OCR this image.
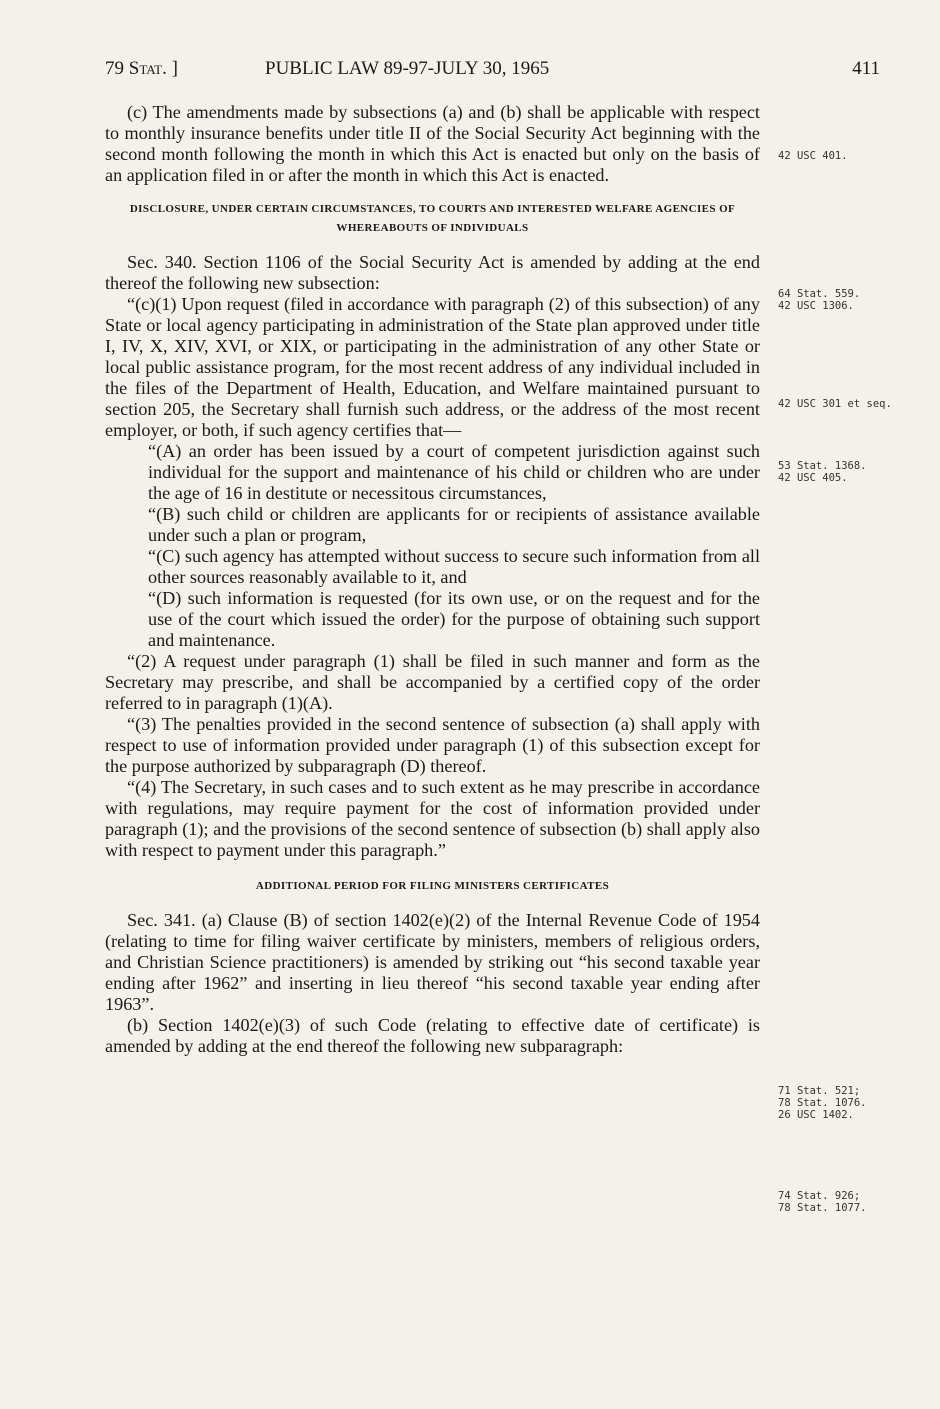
79 Stat. ]	PUBLIC LAW 89-97-JULY 30, 1965	411

(c) The amendments made by subsections (a) and (b) shall be applicable with respect to monthly insurance benefits under title II of the Social Security Act beginning with the second month following the month in which this Act is enacted but only on the basis of an application filed in or after the month in which this Act is enacted.

DISCLOSURE, UNDER CERTAIN CIRCUMSTANCES, TO COURTS AND INTERESTED WELFARE AGENCIES OF WHEREABOUTS OF INDIVIDUALS

Sec. 340. Section 1106 of the Social Security Act is amended by adding at the end thereof the following new subsection:

“(c)(1) Upon request (filed in accordance with paragraph (2) of this subsection) of any State or local agency participating in administration of the State plan approved under title I, IV, X, XIV, XVI, or XIX, or participating in the administration of any other State or local public assistance program, for the most recent address of any individual included in the files of the Department of Health, Education, and Welfare maintained pursuant to section 205, the Secretary shall furnish such address, or the address of the most recent employer, or both, if such agency certifies that—

“(A) an order has been issued by a court of competent jurisdiction against such individual for the support and maintenance of his child or children who are under the age of 16 in destitute or necessitous circumstances,

“(B) such child or children are applicants for or recipients of assistance available under such a plan or program,

“(C) such agency has attempted without success to secure such information from all other sources reasonably available to it, and

“(D) such information is requested (for its own use, or on the request and for the use of the court which issued the order) for the purpose of obtaining such support and maintenance.

“(2) A request under paragraph (1) shall be filed in such manner and form as the Secretary may prescribe, and shall be accompanied by a certified copy of the order referred to in paragraph (1)(A).

“(3) The penalties provided in the second sentence of subsection (a) shall apply with respect to use of information provided under paragraph (1) of this subsection except for the purpose authorized by subparagraph (D) thereof.

“(4) The Secretary, in such cases and to such extent as he may prescribe in accordance with regulations, may require payment for the cost of information provided under paragraph (1); and the provisions of the second sentence of subsection (b) shall apply also with respect to payment under this paragraph.”

ADDITIONAL PERIOD FOR FILING MINISTERS CERTIFICATES

Sec. 341. (a) Clause (B) of section 1402(e)(2) of the Internal Revenue Code of 1954 (relating to time for filing waiver certificate by ministers, members of religious orders, and Christian Science practitioners) is amended by striking out “his second taxable year ending after 1962” and inserting in lieu thereof “his second taxable year ending after 1963”.

(b) Section 1402(e)(3) of such Code (relating to effective date of certificate) is amended by adding at the end thereof the following new subparagraph:

42 USC 401.
64 Stat. 559.
42 USC 1306.
42 USC 301 et seq.
53 Stat. 1368.
42 USC 405.
71 Stat. 521;
78 Stat. 1076.
26 USC 1402.
74 Stat. 926;
78 Stat. 1077.
